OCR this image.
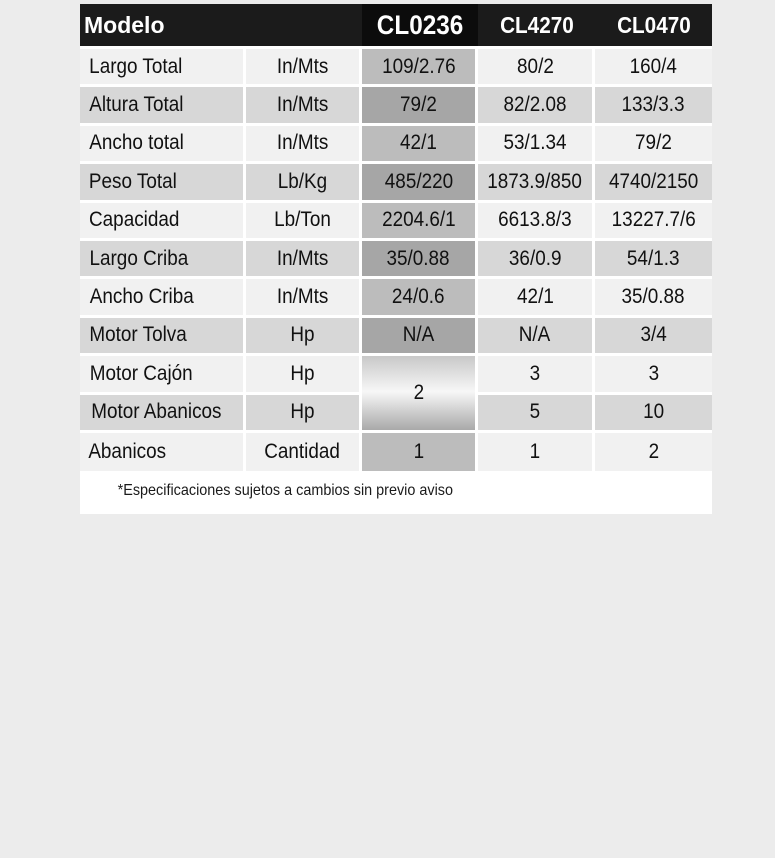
Modelo		CL0236	CL4270	CL0470
Largo Total	In/Mts	109/2.76	80/2	160/4
Altura Total	In/Mts	79/2	82/2.08	133/3.3
Ancho total	In/Mts	42/1	53/1.34	79/2
Peso Total	Lb/Kg	485/220	1873.9/850	4740/2150
Capacidad	Lb/Ton	2204.6/1	6613.8/3	13227.7/6
Largo Criba	In/Mts	35/0.88	36/0.9	54/1.3
Ancho Criba	In/Mts	24/0.6	42/1	35/0.88
Motor Tolva	Hp	N/A	N/A	3/4
Motor Cajón	Hp	2	3	3
Motor Abanicos	Hp		5	10
Abanicos	Cantidad	1	1	2
*Especificaciones sujetos a cambios sin previo aviso
